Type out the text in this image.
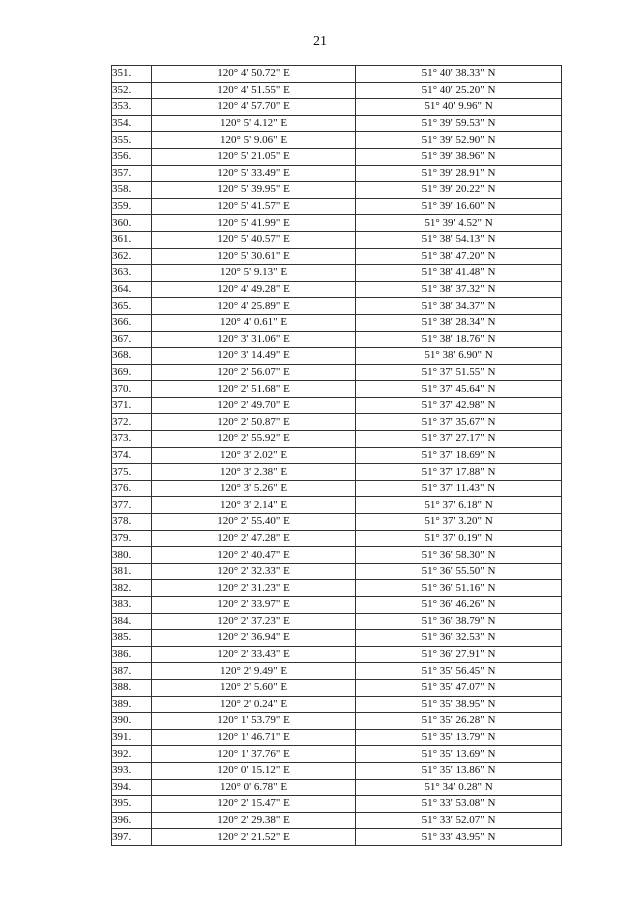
21
351.	120° 4' 50.72" E	51° 40' 38.33" N
352.	120° 4' 51.55" E	51° 40' 25.20" N
353.	120° 4' 57.70" E	51° 40' 9.96" N
354.	120° 5' 4.12" E	51° 39' 59.53" N
355.	120° 5' 9.06" E	51° 39' 52.90" N
356.	120° 5' 21.05" E	51° 39' 38.96" N
357.	120° 5' 33.49" E	51° 39' 28.91" N
358.	120° 5' 39.95" E	51° 39' 20.22" N
359.	120° 5' 41.57" E	51° 39' 16.60" N
360.	120° 5' 41.99" E	51° 39' 4.52" N
361.	120° 5' 40.57" E	51° 38' 54.13" N
362.	120° 5' 30.61" E	51° 38' 47.20" N
363.	120° 5' 9.13" E	51° 38' 41.48" N
364.	120° 4' 49.28" E	51° 38' 37.32" N
365.	120° 4' 25.89" E	51° 38' 34.37" N
366.	120° 4' 0.61" E	51° 38' 28.34" N
367.	120° 3' 31.06" E	51° 38' 18.76" N
368.	120° 3' 14.49" E	51° 38' 6.90" N
369.	120° 2' 56.07" E	51° 37' 51.55" N
370.	120° 2' 51.68" E	51° 37' 45.64" N
371.	120° 2' 49.70" E	51° 37' 42.98" N
372.	120° 2' 50.87" E	51° 37' 35.67" N
373.	120° 2' 55.92" E	51° 37' 27.17" N
374.	120° 3' 2.02" E	51° 37' 18.69" N
375.	120° 3' 2.38" E	51° 37' 17.88" N
376.	120° 3' 5.26" E	51° 37' 11.43" N
377.	120° 3' 2.14" E	51° 37' 6.18" N
378.	120° 2' 55.40" E	51° 37' 3.20" N
379.	120° 2' 47.28" E	51° 37' 0.19" N
380.	120° 2' 40.47" E	51° 36' 58.30" N
381.	120° 2' 32.33" E	51° 36' 55.50" N
382.	120° 2' 31.23" E	51° 36' 51.16" N
383.	120° 2' 33.97" E	51° 36' 46.26" N
384.	120° 2' 37.23" E	51° 36' 38.79" N
385.	120° 2' 36.94" E	51° 36' 32.53" N
386.	120° 2' 33.43" E	51° 36' 27.91" N
387.	120° 2' 9.49" E	51° 35' 56.45" N
388.	120° 2' 5.60" E	51° 35' 47.07" N
389.	120° 2' 0.24" E	51° 35' 38.95" N
390.	120° 1' 53.79" E	51° 35' 26.28" N
391.	120° 1' 46.71" E	51° 35' 13.79" N
392.	120° 1' 37.76" E	51° 35' 13.69" N
393.	120° 0' 15.12" E	51° 35' 13.86" N
394.	120° 0' 6.78" E	51° 34' 0.28" N
395.	120° 2' 15.47" E	51° 33' 53.08" N
396.	120° 2' 29.38" E	51° 33' 52.07" N
397.	120° 2' 21.52" E	51° 33' 43.95" N
